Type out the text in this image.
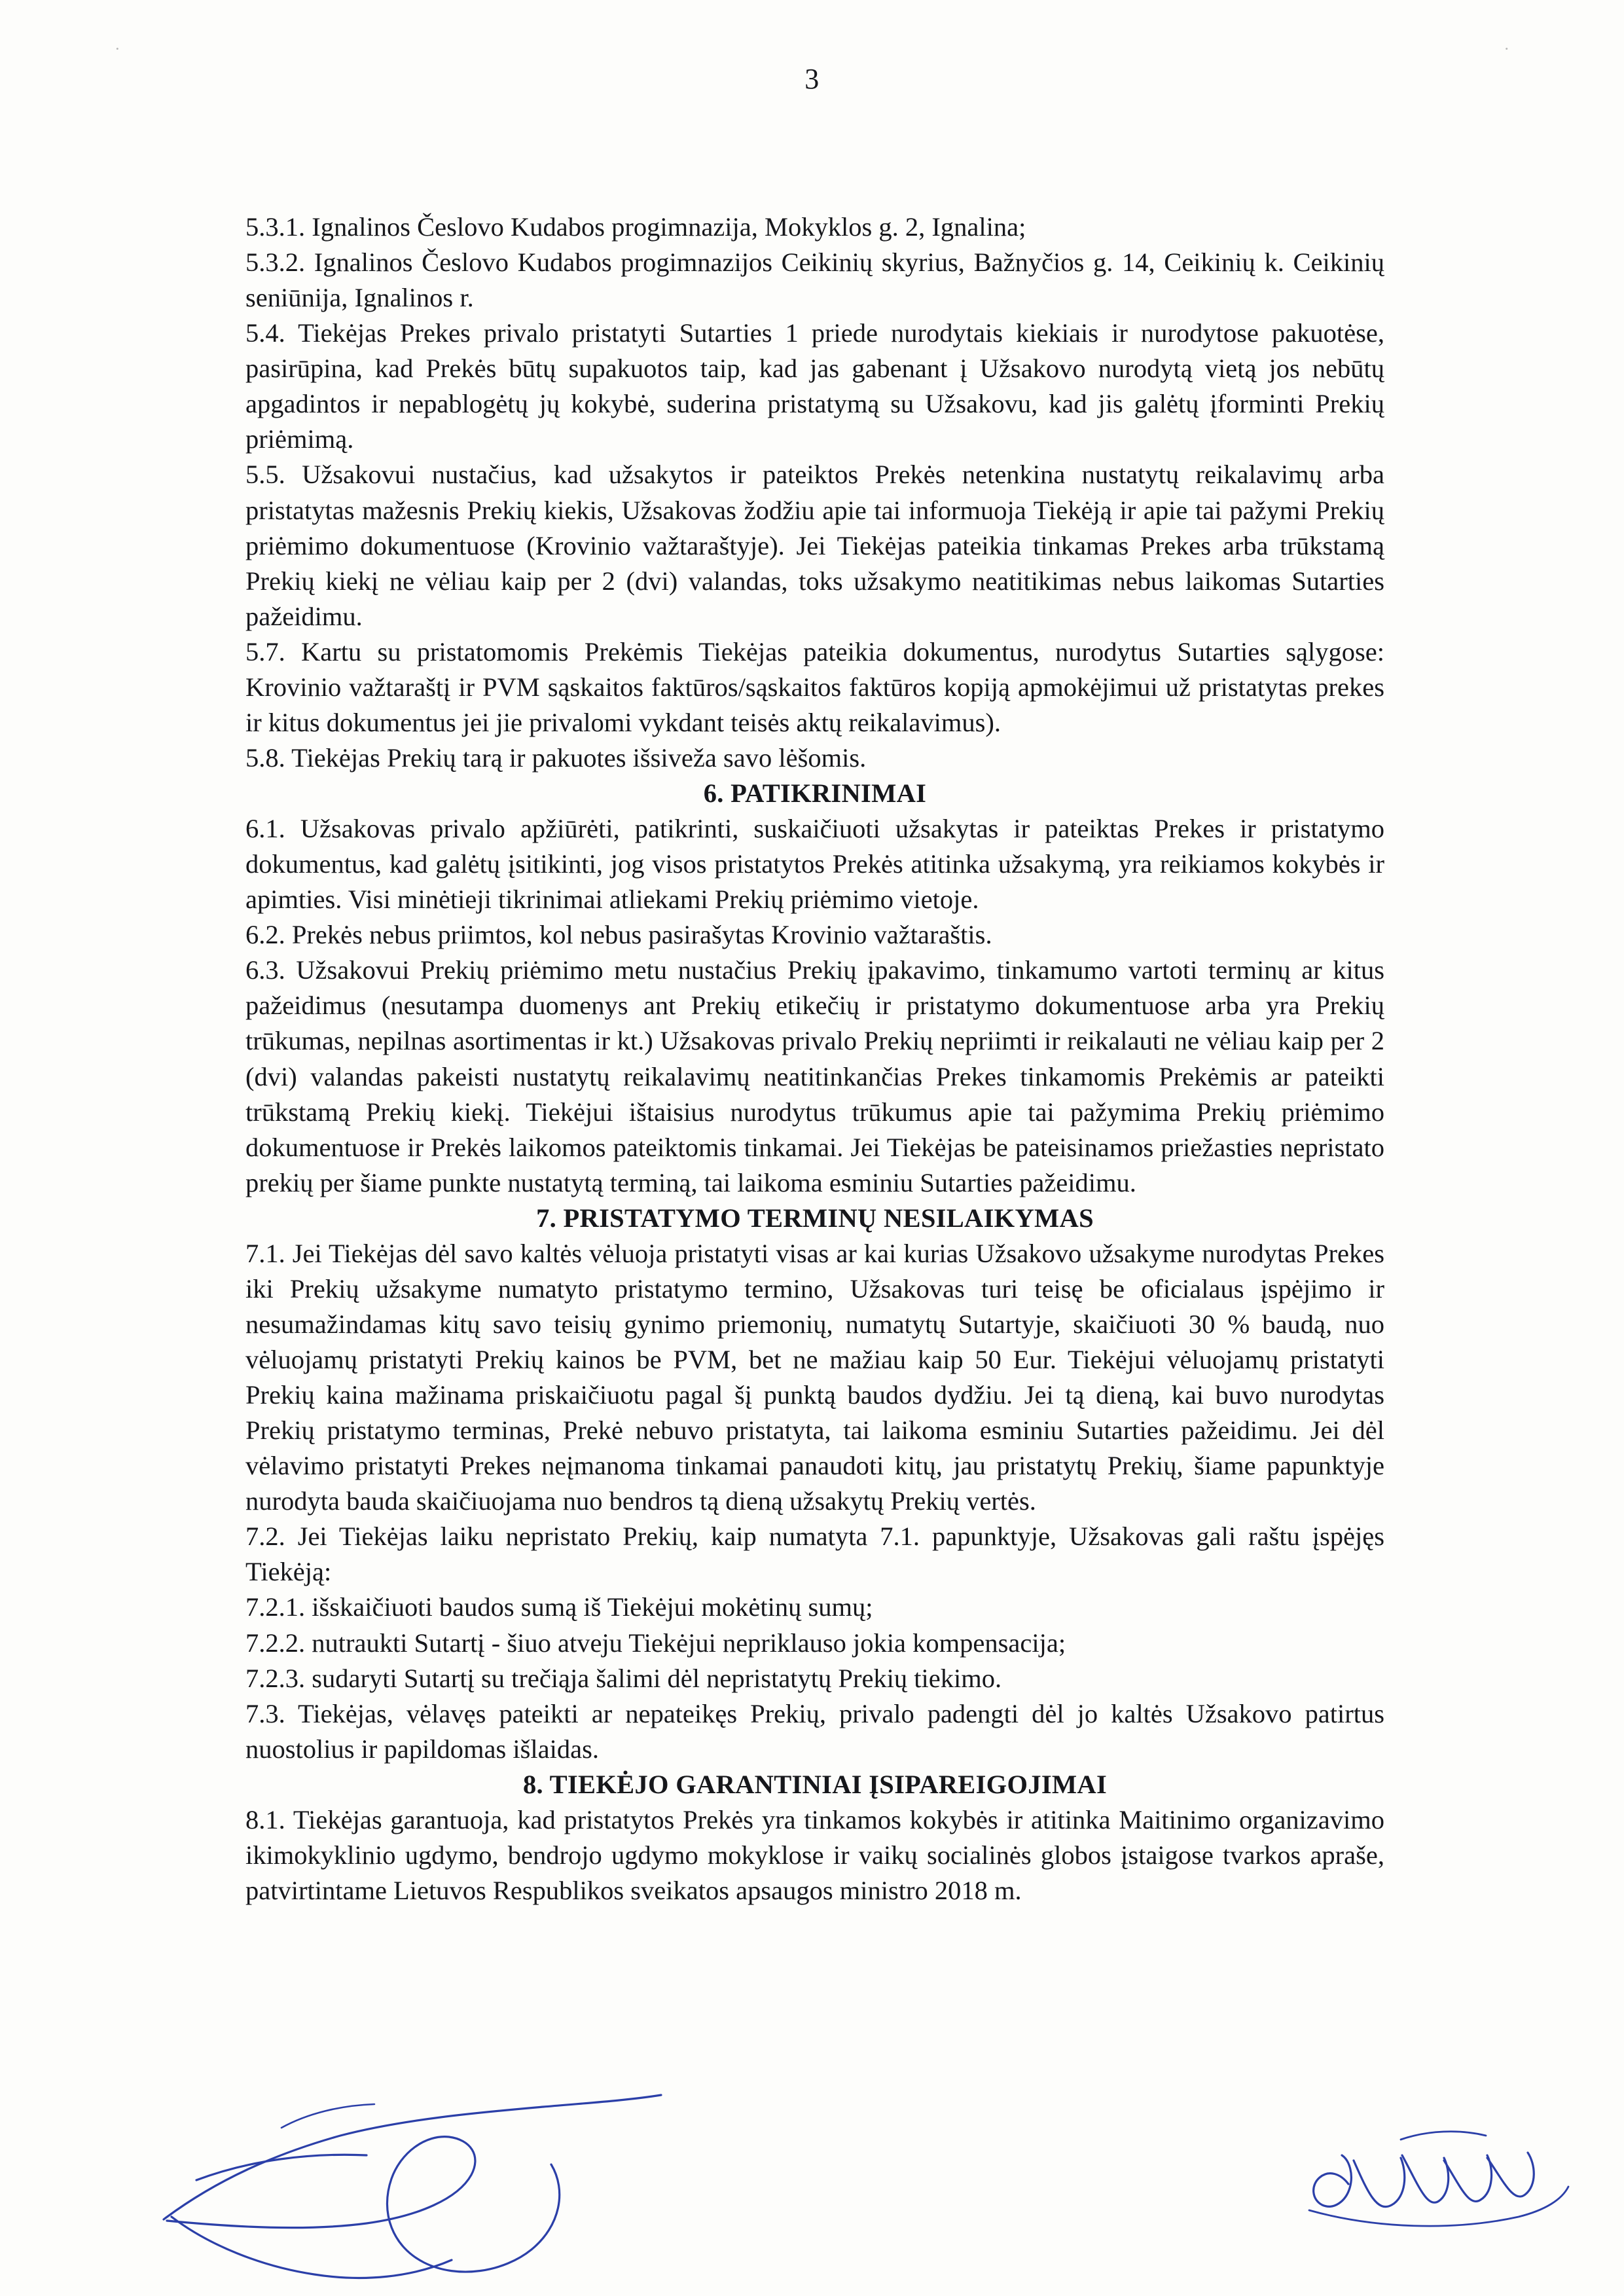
3
·	·

5.3.1. Ignalinos Česlovo Kudabos progimnazija, Mokyklos g. 2, Ignalina;

5.3.2. Ignalinos Česlovo Kudabos progimnazijos Ceikinių skyrius, Bažnyčios g. 14, Ceikinių k. Ceikinių seniūnija, Ignalinos r.

5.4. Tiekėjas Prekes privalo pristatyti Sutarties 1 priede nurodytais kiekiais ir nurodytose pakuotėse, pasirūpina, kad Prekės būtų supakuotos taip, kad jas gabenant į Užsakovo nurodytą vietą jos nebūtų apgadintos ir nepablogėtų jų kokybė, suderina pristatymą su Užsakovu, kad jis galėtų įforminti Prekių priėmimą.

5.5. Užsakovui nustačius, kad užsakytos ir pateiktos Prekės netenkina nustatytų reikalavimų arba pristatytas mažesnis Prekių kiekis, Užsakovas žodžiu apie tai informuoja Tiekėją ir apie tai pažymi Prekių priėmimo dokumentuose (Krovinio važtaraštyje). Jei Tiekėjas pateikia tinkamas Prekes arba trūkstamą Prekių kiekį ne vėliau kaip per 2 (dvi) valandas, toks užsakymo neatitikimas nebus laikomas Sutarties pažeidimu.

5.7. Kartu su pristatomomis Prekėmis Tiekėjas pateikia dokumentus, nurodytus Sutarties sąlygose: Krovinio važtaraštį ir PVM sąskaitos faktūros/sąskaitos faktūros kopiją apmokėjimui už pristatytas prekes ir kitus dokumentus jei jie privalomi vykdant teisės aktų reikalavimus).

5.8. Tiekėjas Prekių tarą ir pakuotes išsiveža savo lėšomis.

6. PATIKRINIMAI

6.1. Užsakovas privalo apžiūrėti, patikrinti, suskaičiuoti užsakytas ir pateiktas Prekes ir pristatymo dokumentus, kad galėtų įsitikinti, jog visos pristatytos Prekės atitinka užsakymą, yra reikiamos kokybės ir apimties. Visi minėtieji tikrinimai atliekami Prekių priėmimo vietoje.

6.2. Prekės nebus priimtos, kol nebus pasirašytas Krovinio važtaraštis.

6.3. Užsakovui Prekių priėmimo metu nustačius Prekių įpakavimo, tinkamumo vartoti terminų ar kitus pažeidimus (nesutampa duomenys ant Prekių etikečių ir pristatymo dokumentuose arba yra Prekių trūkumas, nepilnas asortimentas ir kt.) Užsakovas privalo Prekių nepriimti ir reikalauti ne vėliau kaip per 2 (dvi) valandas pakeisti nustatytų reikalavimų neatitinkančias Prekes tinkamomis Prekėmis ar pateikti trūkstamą Prekių kiekį. Tiekėjui ištaisius nurodytus trūkumus apie tai pažymima Prekių priėmimo dokumentuose ir Prekės laikomos pateiktomis tinkamai. Jei Tiekėjas be pateisinamos priežasties nepristato prekių per šiame punkte nustatytą terminą, tai laikoma esminiu Sutarties pažeidimu.

7. PRISTATYMO TERMINŲ NESILAIKYMAS

7.1. Jei Tiekėjas dėl savo kaltės vėluoja pristatyti visas ar kai kurias Užsakovo užsakyme nurodytas Prekes iki Prekių užsakyme numatyto pristatymo termino, Užsakovas turi teisę be oficialaus įspėjimo ir nesumažindamas kitų savo teisių gynimo priemonių, numatytų Sutartyje, skaičiuoti 30 % baudą, nuo vėluojamų pristatyti Prekių kainos be PVM, bet ne mažiau kaip 50 Eur. Tiekėjui vėluojamų pristatyti Prekių kaina mažinama priskaičiuotu pagal šį punktą baudos dydžiu. Jei tą dieną, kai buvo nurodytas Prekių pristatymo terminas, Prekė nebuvo pristatyta, tai laikoma esminiu Sutarties pažeidimu. Jei dėl vėlavimo pristatyti Prekes neįmanoma tinkamai panaudoti kitų, jau pristatytų Prekių, šiame papunktyje nurodyta bauda skaičiuojama nuo bendros tą dieną užsakytų Prekių vertės.

7.2. Jei Tiekėjas laiku nepristato Prekių, kaip numatyta 7.1. papunktyje, Užsakovas gali raštu įspėjęs Tiekėją:

7.2.1. išskaičiuoti baudos sumą iš Tiekėjui mokėtinų sumų;

7.2.2. nutraukti Sutartį - šiuo atveju Tiekėjui nepriklauso jokia kompensacija;

7.2.3. sudaryti Sutartį su trečiąja šalimi dėl nepristatytų Prekių tiekimo.

7.3. Tiekėjas, vėlavęs pateikti ar nepateikęs Prekių, privalo padengti dėl jo kaltės Užsakovo patirtus nuostolius ir papildomas išlaidas.

8. TIEKĖJO GARANTINIAI ĮSIPAREIGOJIMAI

8.1. Tiekėjas garantuoja, kad pristatytos Prekės yra tinkamos kokybės ir atitinka Maitinimo organizavimo ikimokyklinio ugdymo, bendrojo ugdymo mokyklose ir vaikų socialinės globos įstaigose tvarkos apraše, patvirtintame Lietuvos Respublikos sveikatos apsaugos ministro 2018 m.
